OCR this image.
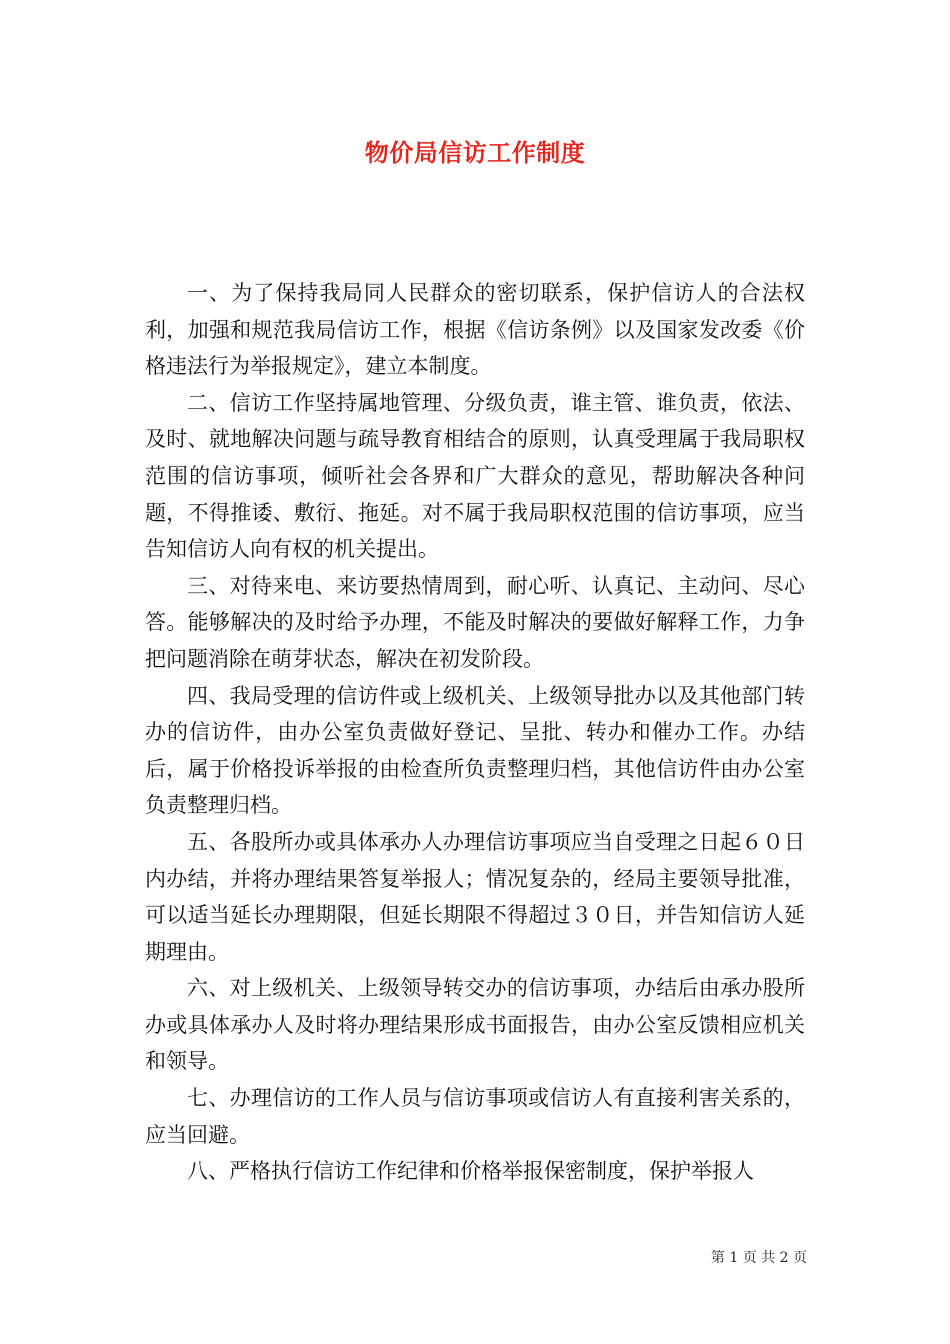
物价局信访工作制度

一、为了保持我局同人民群众的密切联系，保护信访人的合法权利，加强和规范我局信访工作，根据《信访条例》以及国家发改委《价格违法行为举报规定》，建立本制度。

二、信访工作坚持属地管理、分级负责，谁主管、谁负责，依法、及时、就地解决问题与疏导教育相结合的原则，认真受理属于我局职权范围的信访事项，倾听社会各界和广大群众的意见，帮助解决各种问题，不得推诿、敷衍、拖延。对不属于我局职权范围的信访事项，应当告知信访人向有权的机关提出。

三、对待来电、来访要热情周到，耐心听、认真记、主动问、尽心答。能够解决的及时给予办理，不能及时解决的要做好解释工作，力争把问题消除在萌芽状态，解决在初发阶段。

四、我局受理的信访件或上级机关、上级领导批办以及其他部门转办的信访件，由办公室负责做好登记、呈批、转办和催办工作。办结后，属于价格投诉举报的由检查所负责整理归档，其他信访件由办公室负责整理归档。

五、各股所办或具体承办人办理信访事项应当自受理之日起６０日内办结，并将办理结果答复举报人；情况复杂的，经局主要领导批准，可以适当延长办理期限，但延长期限不得超过３０日，并告知信访人延期理由。

六、对上级机关、上级领导转交办的信访事项，办结后由承办股所办或具体承办人及时将办理结果形成书面报告，由办公室反馈相应机关和领导。

七、办理信访的工作人员与信访事项或信访人有直接利害关系的，应当回避。

八、严格执行信访工作纪律和价格举报保密制度，保护举报人

第 1 页 共 2 页
